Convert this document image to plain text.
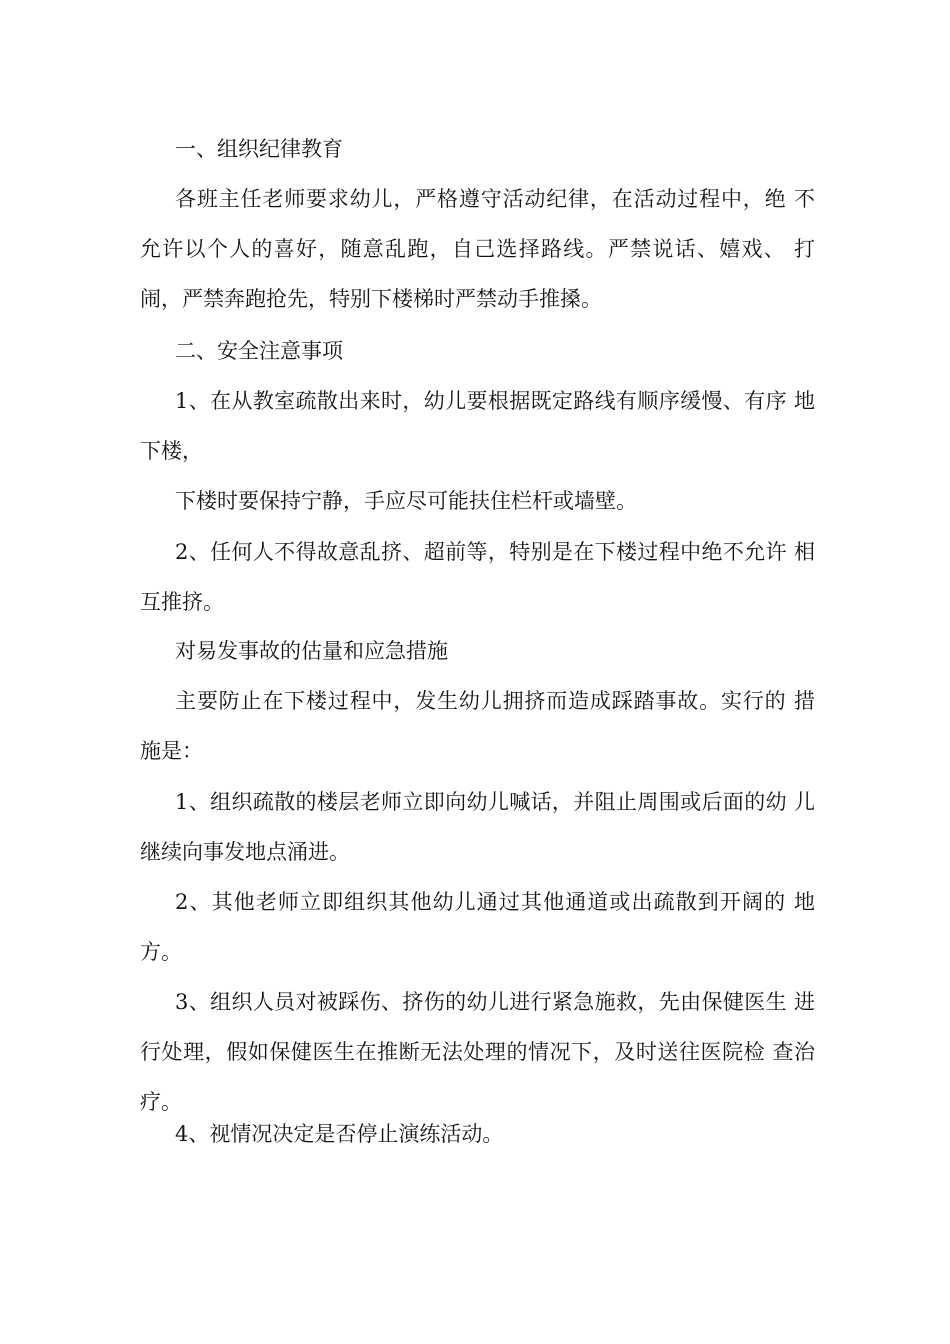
一、组织纪律教育
各班主任老师要求幼儿，严格遵守活动纪律，在活动过程中，绝 不
允许以个人的喜好，随意乱跑，自己选择路线。严禁说话、嬉戏、 打
闹，严禁奔跑抢先，特别下楼梯时严禁动手推搡。
二、安全注意事项
1、在从教室疏散出来时，幼儿要根据既定路线有顺序缓慢、有序 地
下楼，
下楼时要保持宁静，手应尽可能扶住栏杆或墙壁。
2、任何人不得故意乱挤、超前等，特别是在下楼过程中绝不允许 相
互推挤。
对易发事故的估量和应急措施
主要防止在下楼过程中，发生幼儿拥挤而造成踩踏事故。实行的 措
施是：
1、组织疏散的楼层老师立即向幼儿喊话，并阻止周围或后面的幼 儿
继续向事发地点涌进。
2、其他老师立即组织其他幼儿通过其他通道或出疏散到开阔的 地
方。
3、组织人员对被踩伤、挤伤的幼儿进行紧急施救，先由保健医生 进
行处理，假如保健医生在推断无法处理的情况下，及时送往医院检 查治
疗。
4、视情况决定是否停止演练活动。
